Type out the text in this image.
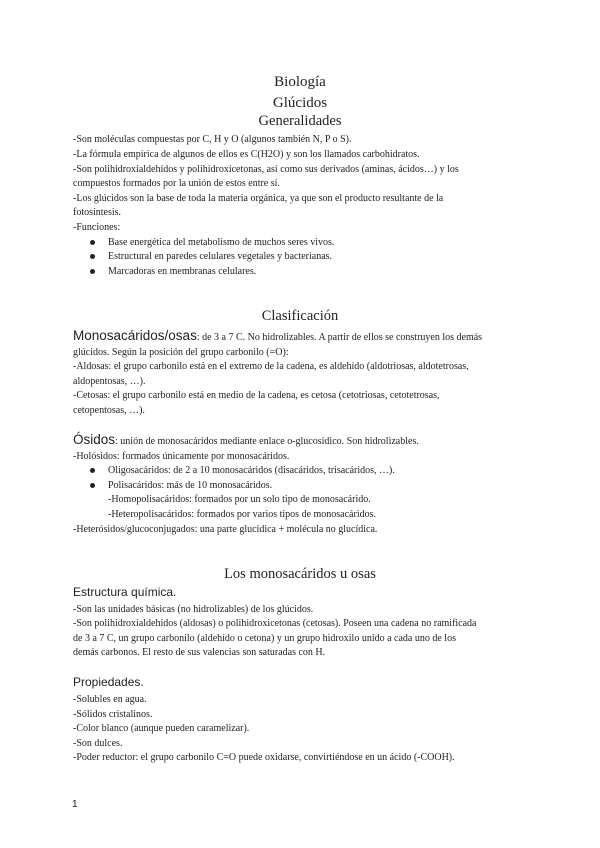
Biología
Glúcidos
Generalidades
-Son moléculas compuestas por C, H y O (algunos también N, P o S).
-La fórmula empírica de algunos de ellos es C(H2O) y son los llamados carbohidratos.
-Son polihidroxialdehídos y polihidroxicetonas, así como sus derivados (aminas, ácidos…) y los
compuestos formados por la unión de estos entre sí.
-Los glúcidos son la base de toda la materia orgánica, ya que son el producto resultante de la
fotosíntesis.
-Funciones:
Base energética del metabolismo de muchos seres vivos.
Estructural en paredes celulares vegetales y bacterianas.
Marcadoras en membranas celulares.
Clasificación
Monosacáridos/osas: de 3 a 7 C. No hidrolizables. A partir de ellos se construyen los demás
glúcidos. Según la posición del grupo carbonilo (=O):
-Aldosas: el grupo carbonilo está en el extremo de la cadena, es aldehído (aldotriosas, aldotetrosas,
aldopentosas, …).
-Cetosas: el grupo carbonilo está en medio de la cadena, es cetosa (cetotriosas, cetotetrosas,
cetopentosas, …).
Ósidos: unión de monosacáridos mediante enlace o-glucosídico. Son hidrolizables.
-Holósidos: formados únicamente por monosacáridos.
Oligosacáridos: de 2 a 10 monosacáridos (disacáridos, trisacáridos, …).
Polisacáridos: más de 10 monosacáridos.
-Homopolisacáridos: formados por un solo tipo de monosacárido.
-Heteropolisacáridos: formados por varios tipos de monosacáridos.
-Heterósidos/glucoconjugados: una parte glucídica + molécula no glucídica.
Los monosacáridos u osas
Estructura química.
-Son las unidades básicas (no hidrolizables) de los glúcidos.
-Son polihidroxialdehídos (aldosas) o polihidroxicetonas (cetosas). Poseen una cadena no ramificada
de 3 a 7 C, un grupo carbonilo (aldehído o cetona) y un grupo hidroxilo unido a cada uno de los
demás carbonos. El resto de sus valencias son saturadas con H.
Propiedades.
-Solubles en agua.
-Sólidos cristalinos.
-Color blanco (aunque pueden caramelizar).
-Son dulces.
-Poder reductor: el grupo carbonilo C=O puede oxidarse, convirtiéndose en un ácido (-COOH).
1
